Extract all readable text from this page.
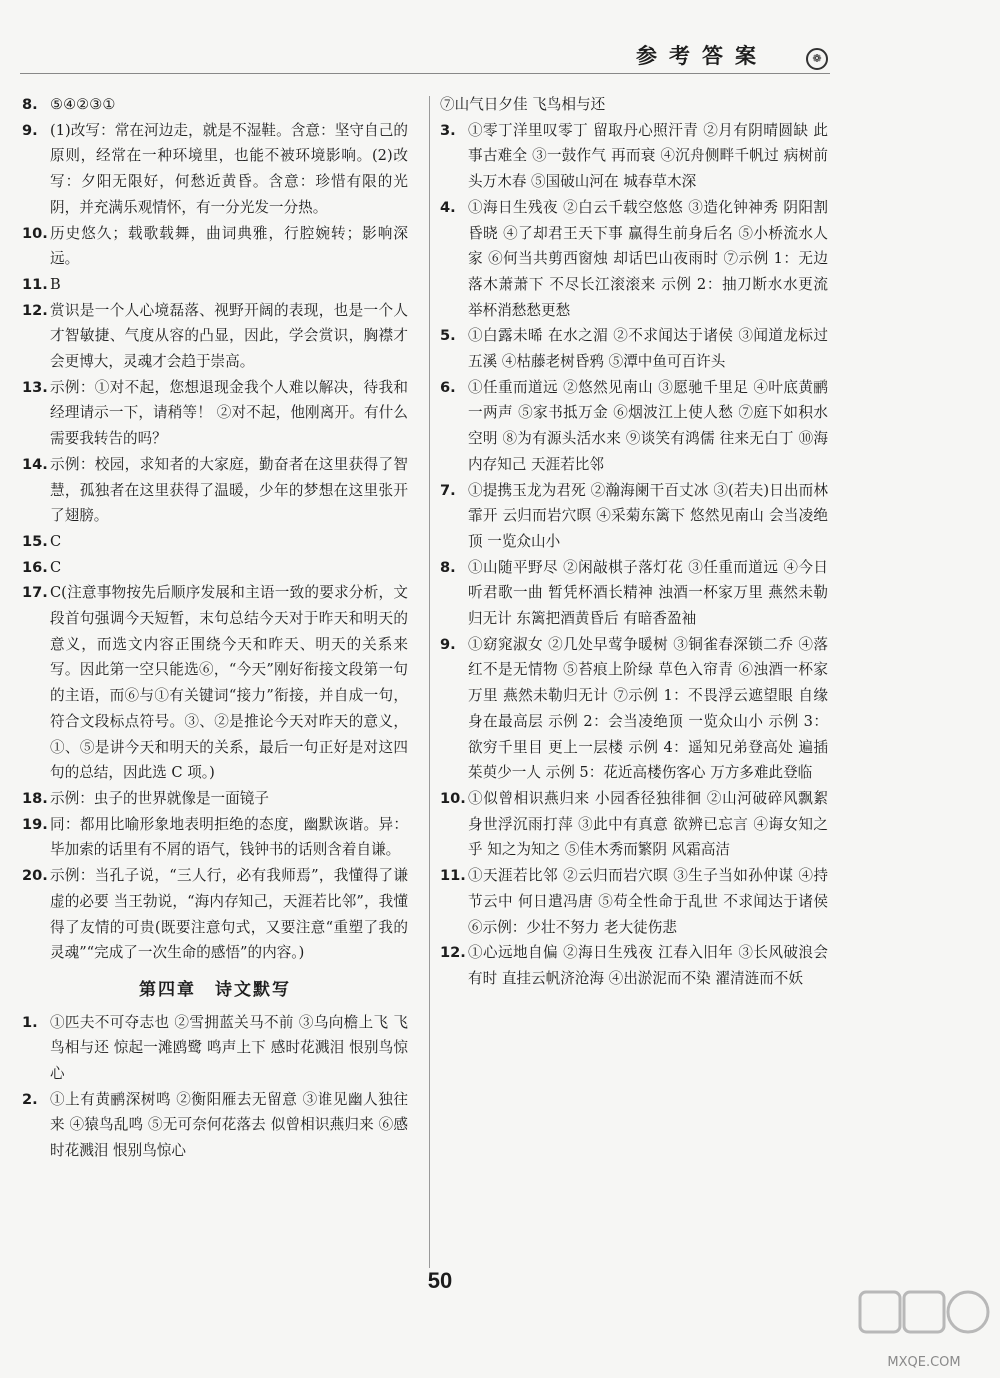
参考答案	❁
8. ⑤④②③①
9. (1)改写：常在河边走，就是不湿鞋。含意：坚守自己的原则，经常在一种环境里，也能不被环境影响。(2)改写：夕阳无限好，何愁近黄昏。含意：珍惜有限的光阴，并充满乐观情怀，有一分光发一分热。
10. 历史悠久；载歌载舞，曲词典雅，行腔婉转；影响深远。
11. B
12. 赏识是一个人心境磊落、视野开阔的表现，也是一个人才智敏捷、气度从容的凸显，因此，学会赏识，胸襟才会更博大，灵魂才会趋于崇高。
13. 示例：①对不起，您想退现金我个人难以解决，待我和经理请示一下，请稍等！ ②对不起，他刚离开。有什么需要我转告的吗？
14. 示例：校园，求知者的大家庭，勤奋者在这里获得了智慧，孤独者在这里获得了温暖，少年的梦想在这里张开了翅膀。
15. C
16. C
17. C(注意事物按先后顺序发展和主语一致的要求分析，文段首句强调今天短暂，末句总结今天对于昨天和明天的意义，而选文内容正围绕今天和昨天、明天的关系来写。因此第一空只能选⑥，“今天”刚好衔接文段第一句的主语，而⑥与①有关键词“接力”衔接，并自成一句，符合文段标点符号。③、②是推论今天对昨天的意义，①、⑤是讲今天和明天的关系，最后一句正好是对这四句的总结，因此选 C 项。)
18. 示例：虫子的世界就像是一面镜子
19. 同：都用比喻形象地表明拒绝的态度，幽默诙谐。异：毕加索的话里有不屑的语气，钱钟书的话则含着自谦。
20. 示例：当孔子说，“三人行，必有我师焉”，我懂得了谦虚的必要 当王勃说，“海内存知己，天涯若比邻”，我懂得了友情的可贵(既要注意句式，又要注意“重塑了我的灵魂”“完成了一次生命的感悟”的内容。)
第四章　诗文默写
1. ①匹夫不可夺志也 ②雪拥蓝关马不前 ③乌向檐上飞 飞鸟相与还 惊起一滩鸥鹭 鸣声上下 感时花溅泪 恨别鸟惊心
2. ①上有黄鹂深树鸣 ②衡阳雁去无留意 ③谁见幽人独往来 ④猿鸟乱鸣 ⑤无可奈何花落去 似曾相识燕归来 ⑥感时花溅泪 恨别鸟惊心
⑦山气日夕佳 飞鸟相与还
3. ①零丁洋里叹零丁 留取丹心照汗青 ②月有阴晴圆缺 此事古难全 ③一鼓作气 再而衰 ④沉舟侧畔千帆过 病树前头万木春 ⑤国破山河在 城春草木深
4. ①海日生残夜 ②白云千载空悠悠 ③造化钟神秀 阴阳割昏晓 ④了却君王天下事 赢得生前身后名 ⑤小桥流水人家 ⑥何当共剪西窗烛 却话巴山夜雨时 ⑦示例 1：无边落木萧萧下 不尽长江滚滚来 示例 2：抽刀断水水更流 举杯消愁愁更愁
5. ①白露未晞 在水之湄 ②不求闻达于诸侯 ③闻道龙标过五溪 ④枯藤老树昏鸦 ⑤潭中鱼可百许头
6. ①任重而道远 ②悠然见南山 ③愿驰千里足 ④叶底黄鹂一两声 ⑤家书抵万金 ⑥烟波江上使人愁 ⑦庭下如积水空明 ⑧为有源头活水来 ⑨谈笑有鸿儒 往来无白丁 ⑩海内存知己 天涯若比邻
7. ①提携玉龙为君死 ②瀚海阑干百丈冰 ③(若夫)日出而林霏开 云归而岩穴暝 ④采菊东篱下 悠然见南山 会当凌绝顶 一览众山小
8. ①山随平野尽 ②闲敲棋子落灯花 ③任重而道远 ④今日听君歌一曲 暂凭杯酒长精神 浊酒一杯家万里 燕然未勒归无计 东篱把酒黄昏后 有暗香盈袖
9. ①窈窕淑女 ②几处早莺争暖树 ③铜雀春深锁二乔 ④落红不是无情物 ⑤苔痕上阶绿 草色入帘青 ⑥浊酒一杯家万里 燕然未勒归无计 ⑦示例 1：不畏浮云遮望眼 自缘身在最高层 示例 2：会当凌绝顶 一览众山小 示例 3：欲穷千里目 更上一层楼 示例 4：遥知兄弟登高处 遍插茱萸少一人 示例 5：花近高楼伤客心 万方多难此登临
10. ①似曾相识燕归来 小园香径独徘徊 ②山河破碎风飘絮 身世浮沉雨打萍 ③此中有真意 欲辨已忘言 ④诲女知之乎 知之为知之 ⑤佳木秀而繁阴 风霜高洁
11. ①天涯若比邻 ②云归而岩穴暝 ③生子当如孙仲谋 ④持节云中 何日遣冯唐 ⑤苟全性命于乱世 不求闻达于诸侯 ⑥示例：少壮不努力 老大徒伤悲
12. ①心远地自偏 ②海日生残夜 江春入旧年 ③长风破浪会有时 直挂云帆济沧海 ④出淤泥而不染 濯清涟而不妖
50
MXQE.COM
